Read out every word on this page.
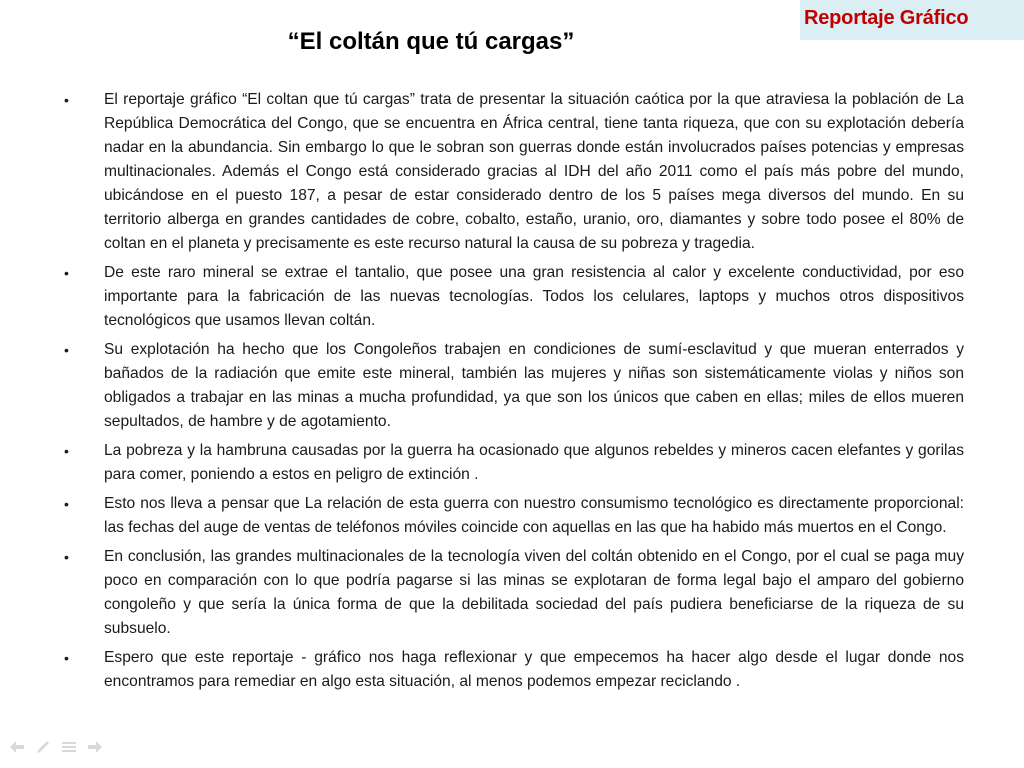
Reportaje Gráfico
“El coltán que tú cargas”
• El reportaje gráfico “El coltan que tú cargas” trata de presentar la situación caótica por la que atraviesa la población de La República Democrática del Congo, que se encuentra en África central, tiene tanta riqueza, que con su explotación debería nadar en la abundancia. Sin embargo lo que le sobran son guerras donde están involucrados países potencias y empresas multinacionales. Además el Congo está considerado gracias al IDH del año 2011 como el país más pobre del mundo, ubicándose en el puesto 187, a pesar de estar considerado dentro de los 5 países mega diversos del mundo. En su territorio alberga en grandes cantidades de cobre, cobalto, estaño, uranio, oro, diamantes y sobre todo posee el 80% de coltan en el planeta y precisamente es este recurso natural la causa de su pobreza y tragedia.
• De este raro mineral se extrae el tantalio, que posee una gran resistencia al calor y excelente conductividad, por eso importante para la fabricación de las nuevas tecnologías. Todos los celulares, laptops y muchos otros dispositivos tecnológicos que usamos llevan coltán.
• Su explotación ha hecho que los Congoleños trabajen en condiciones de sumí-esclavitud y que mueran enterrados y bañados de la radiación que emite este mineral, también las mujeres y niñas son sistemáticamente violas y niños son obligados a trabajar en las minas a mucha profundidad, ya que son los únicos que caben en ellas; miles de ellos mueren sepultados, de hambre y de agotamiento.
• La pobreza y la hambruna causadas por la guerra ha ocasionado que algunos rebeldes y mineros cacen elefantes y gorilas para comer, poniendo a estos en peligro de extinción .
• Esto nos lleva a pensar que La relación de esta guerra con nuestro consumismo tecnológico es directamente proporcional: las fechas del auge de ventas de teléfonos móviles coincide con aquellas en las que ha habido más muertos en el Congo.
• En conclusión, las grandes multinacionales de la tecnología viven del coltán obtenido en el Congo, por el cual se paga muy poco en comparación con lo que podría pagarse si las minas se explotaran de forma legal bajo el amparo del gobierno congoleño y que sería la única forma de que la debilitada sociedad del país pudiera beneficiarse de la riqueza de su subsuelo.
• Espero que este reportaje - gráfico nos haga reflexionar y que empecemos ha hacer algo desde el lugar donde nos encontramos para remediar en algo esta situación, al menos podemos empezar reciclando .
